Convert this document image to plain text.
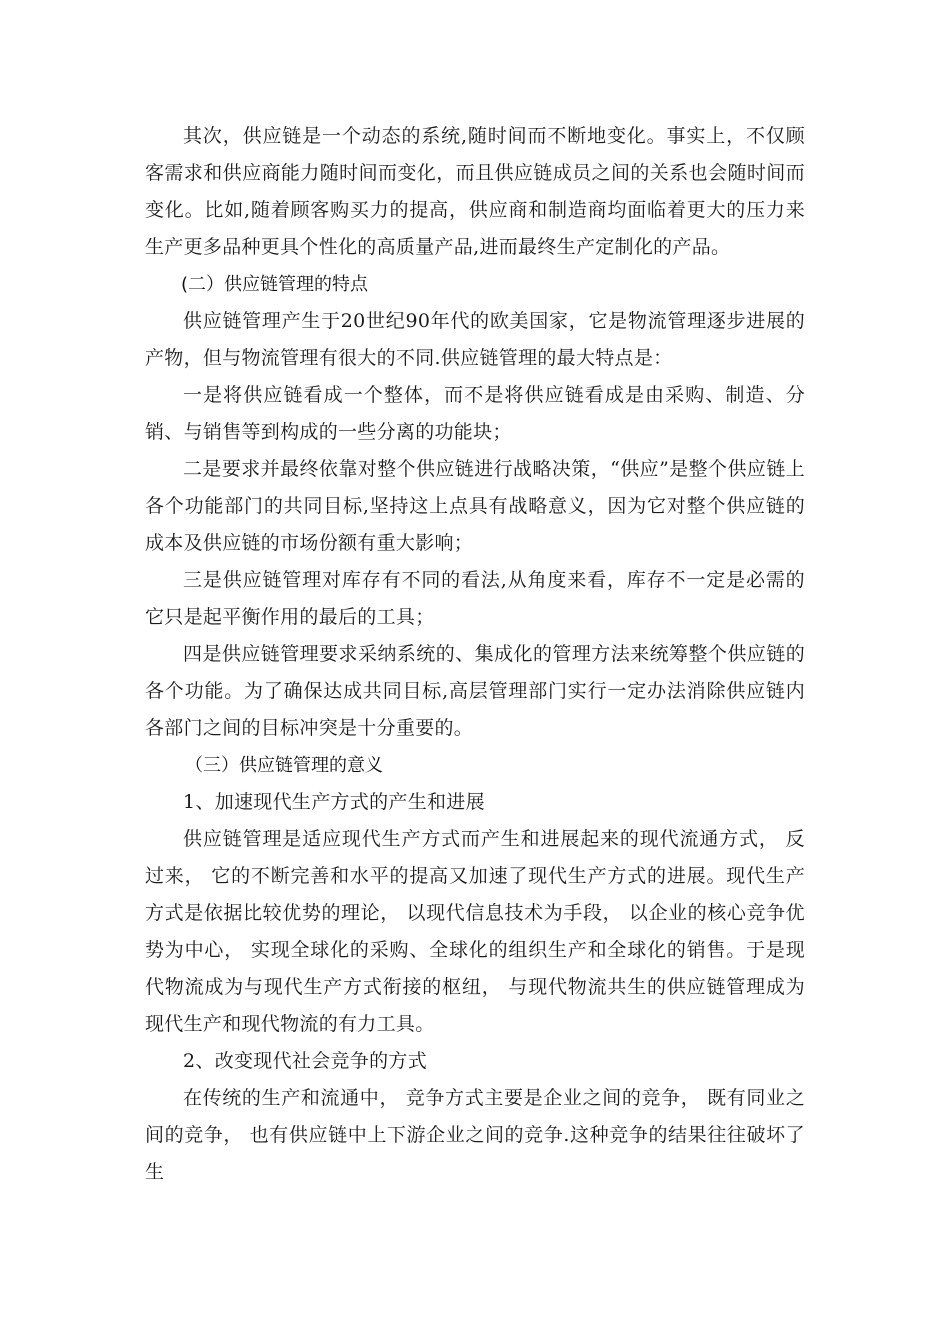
其次，供应链是一个动态的系统,随时间而不断地变化。事实上，不仅顾客需求和供应商能力随时间而变化，而且供应链成员之间的关系也会随时间而变化。比如,随着顾客购买力的提高，供应商和制造商均面临着更大的压力来生产更多品种更具个性化的高质量产品,进而最终生产定制化的产品。

(二）供应链管理的特点

供应链管理产生于20世纪90年代的欧美国家，它是物流管理逐步进展的产物，但与物流管理有很大的不同.供应链管理的最大特点是：

一是将供应链看成一个整体，而不是将供应链看成是由采购、制造、分销、与销售等到构成的一些分离的功能块；

二是要求并最终依靠对整个供应链进行战略决策，“供应”是整个供应链上各个功能部门的共同目标,坚持这上点具有战略意义，因为它对整个供应链的成本及供应链的市场份额有重大影响；

三是供应链管理对库存有不同的看法,从角度来看，库存不一定是必需的它只是起平衡作用的最后的工具；

四是供应链管理要求采纳系统的、集成化的管理方法来统筹整个供应链的各个功能。为了确保达成共同目标,高层管理部门实行一定办法消除供应链内各部门之间的目标冲突是十分重要的。

（三）供应链管理的意义

1、加速现代生产方式的产生和进展

供应链管理是适应现代生产方式而产生和进展起来的现代流通方式， 反过来， 它的不断完善和水平的提高又加速了现代生产方式的进展。现代生产方式是依据比较优势的理论， 以现代信息技术为手段， 以企业的核心竞争优势为中心， 实现全球化的采购、全球化的组织生产和全球化的销售。于是现代物流成为与现代生产方式衔接的枢纽， 与现代物流共生的供应链管理成为现代生产和现代物流的有力工具。

2、改变现代社会竞争的方式

在传统的生产和流通中， 竞争方式主要是企业之间的竞争， 既有同业之间的竞争， 也有供应链中上下游企业之间的竞争.这种竞争的结果往往破坏了生
